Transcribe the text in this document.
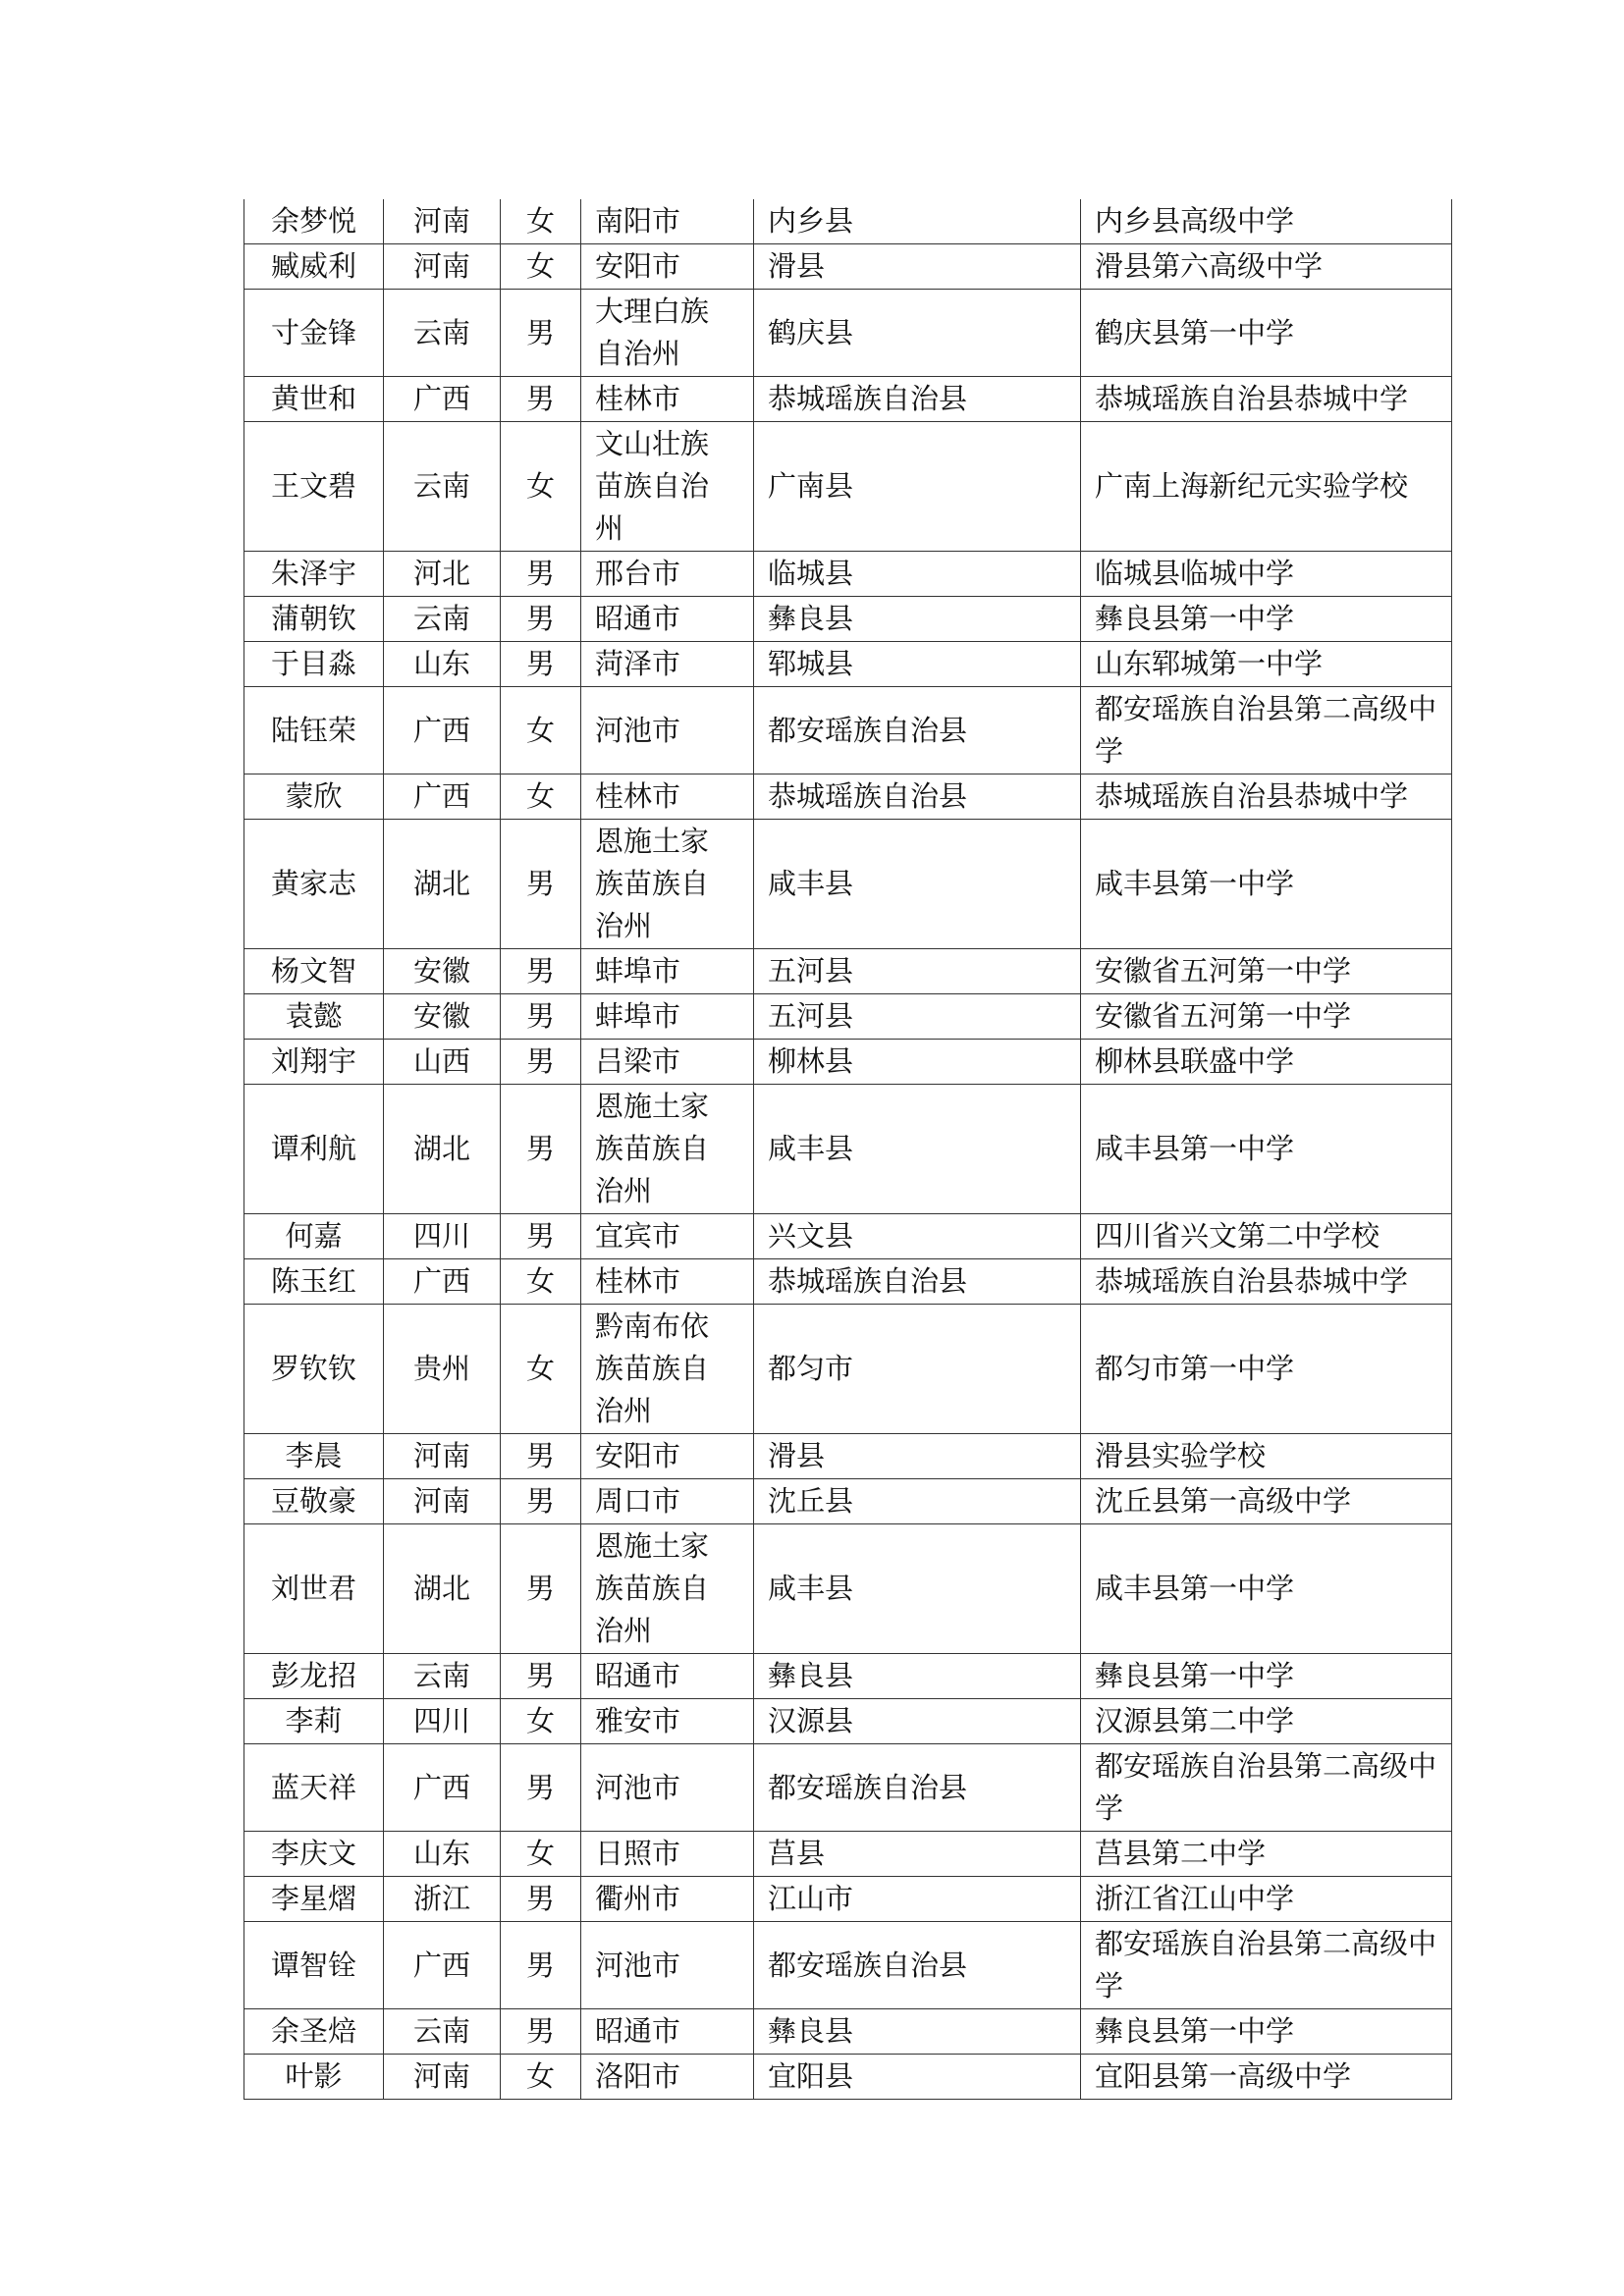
余梦悦	河南	女	南阳市	内乡县	内乡县高级中学
臧威利	河南	女	安阳市	滑县	滑县第六高级中学
寸金锋	云南	男	大理白族自治州	鹤庆县	鹤庆县第一中学
黄世和	广西	男	桂林市	恭城瑶族自治县	恭城瑶族自治县恭城中学
王文碧	云南	女	文山壮族苗族自治州	广南县	广南上海新纪元实验学校
朱泽宇	河北	男	邢台市	临城县	临城县临城中学
蒲朝钦	云南	男	昭通市	彝良县	彝良县第一中学
于目淼	山东	男	菏泽市	郓城县	山东郓城第一中学
陆钰荣	广西	女	河池市	都安瑶族自治县	都安瑶族自治县第二高级中学
蒙欣	广西	女	桂林市	恭城瑶族自治县	恭城瑶族自治县恭城中学
黄家志	湖北	男	恩施土家族苗族自治州	咸丰县	咸丰县第一中学
杨文智	安徽	男	蚌埠市	五河县	安徽省五河第一中学
袁懿	安徽	男	蚌埠市	五河县	安徽省五河第一中学
刘翔宇	山西	男	吕梁市	柳林县	柳林县联盛中学
谭利航	湖北	男	恩施土家族苗族自治州	咸丰县	咸丰县第一中学
何嘉	四川	男	宜宾市	兴文县	四川省兴文第二中学校
陈玉红	广西	女	桂林市	恭城瑶族自治县	恭城瑶族自治县恭城中学
罗钦钦	贵州	女	黔南布依族苗族自治州	都匀市	都匀市第一中学
李晨	河南	男	安阳市	滑县	滑县实验学校
豆敬豪	河南	男	周口市	沈丘县	沈丘县第一高级中学
刘世君	湖北	男	恩施土家族苗族自治州	咸丰县	咸丰县第一中学
彭龙招	云南	男	昭通市	彝良县	彝良县第一中学
李莉	四川	女	雅安市	汉源县	汉源县第二中学
蓝天祥	广西	男	河池市	都安瑶族自治县	都安瑶族自治县第二高级中学
李庆文	山东	女	日照市	莒县	莒县第二中学
李星熠	浙江	男	衢州市	江山市	浙江省江山中学
谭智铨	广西	男	河池市	都安瑶族自治县	都安瑶族自治县第二高级中学
余圣焙	云南	男	昭通市	彝良县	彝良县第一中学
叶影	河南	女	洛阳市	宜阳县	宜阳县第一高级中学
